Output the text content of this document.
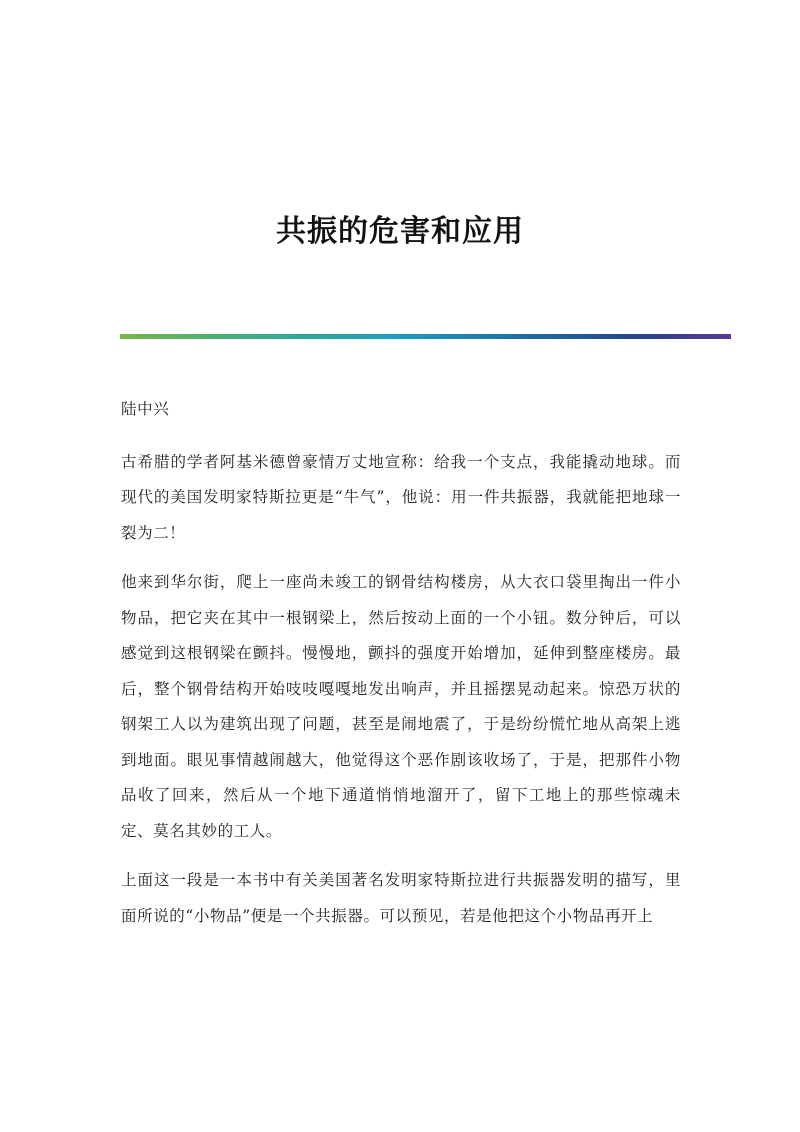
共振的危害和应用

陆中兴

古希腊的学者阿基米德曾豪情万丈地宣称：给我一个支点，我能撬动地球。而现代的美国发明家特斯拉更是“牛气”，他说：用一件共振器，我就能把地球一裂为二！

他来到华尔街，爬上一座尚未竣工的钢骨结构楼房，从大衣口袋里掏出一件小物品，把它夹在其中一根钢梁上，然后按动上面的一个小钮。数分钟后，可以感觉到这根钢梁在颤抖。慢慢地，颤抖的强度开始增加，延伸到整座楼房。最后，整个钢骨结构开始吱吱嘎嘎地发出响声，并且摇摆晃动起来。惊恐万状的钢架工人以为建筑出现了问题，甚至是闹地震了，于是纷纷慌忙地从高架上逃到地面。眼见事情越闹越大，他觉得这个恶作剧该收场了，于是，把那件小物品收了回来，然后从一个地下通道悄悄地溜开了，留下工地上的那些惊魂未定、莫名其妙的工人。

上面这一段是一本书中有关美国著名发明家特斯拉进行共振器发明的描写，里面所说的“小物品”便是一个共振器。可以预见，若是他把这个小物品再开上
